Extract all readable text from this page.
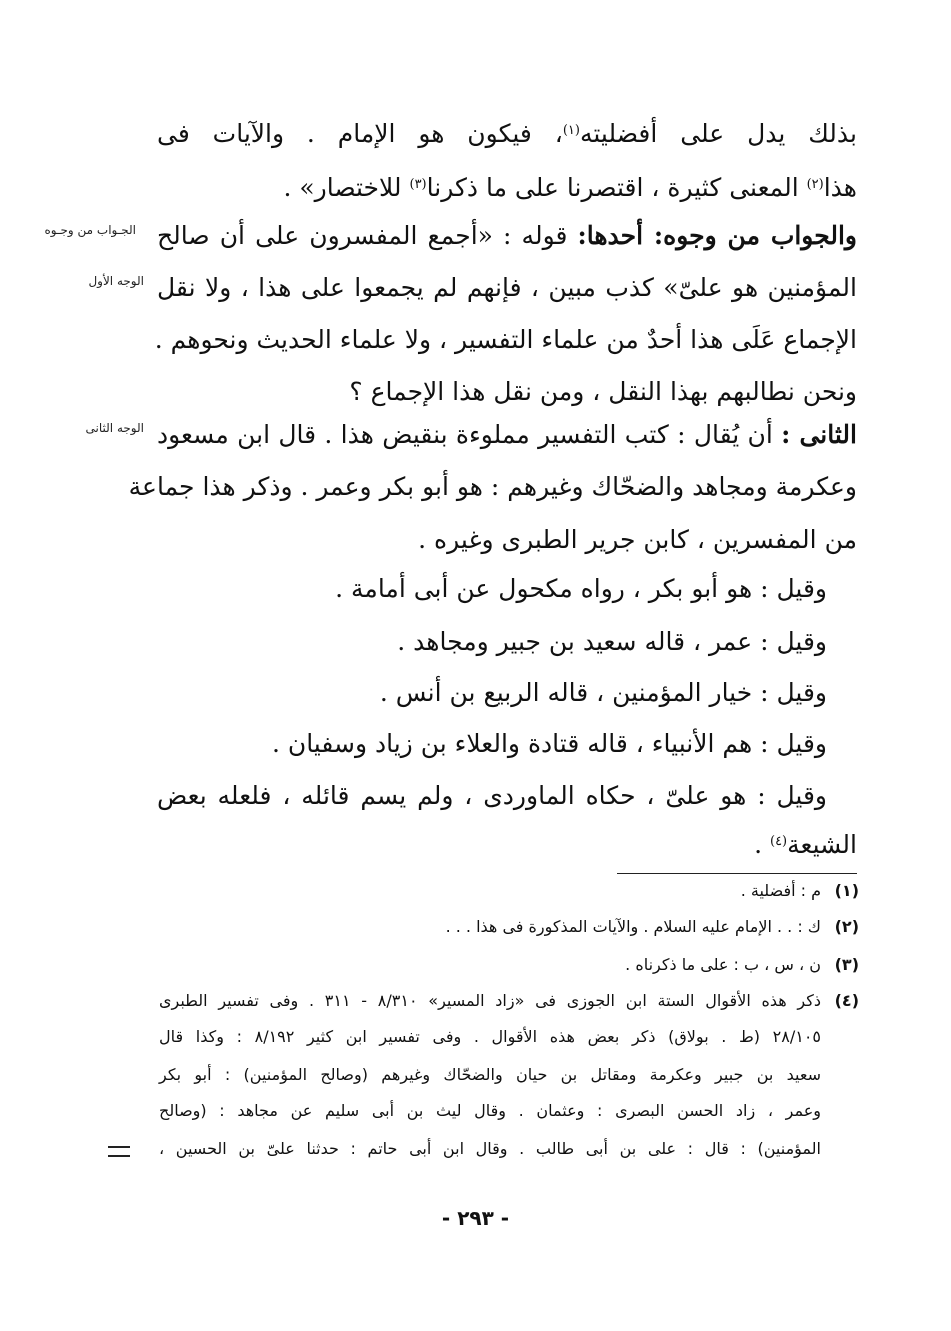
بذلك يدل على أفضليته$^{(١)}$، فيكون هو الإمام . والآيات فى
هذا$^{(٢)}$ المعنى كثيرة ، اقتصرنا على ما ذكرنا$^{(٣)}$ للاختصار» .
والجواب من وجوه: أحدها: قوله : «أجمع المفسرون على أن صالح
المؤمنين هو علىّ» كذب مبين ، فإنهم لم يجمعوا على هذا ، ولا نقل
الإجماع عَلَى هذا أحدٌ من علماء التفسير ، ولا علماء الحديث ونحوهم .
ونحن نطالبهم بهذا النقل ، ومن نقل هذا الإجماع ؟
الثانى : أن يُقال : كتب التفسير مملوءة بنقيض هذا . قال ابن مسعود
وعكرمة ومجاهد والضحّاك وغيرهم : هو أبو بكر وعمر . وذكر هذا جماعة
من المفسرين ، كابن جرير الطبرى وغيره .
وقيل : هو أبو بكر ، رواه مكحول عن أبى أمامة .
وقيل : عمر ، قاله سعيد بن جبير ومجاهد .
وقيل : خيار المؤمنين ، قاله الربيع بن أنس .
وقيل : هم الأنبياء ، قاله قتادة والعلاء بن زياد وسفيان .
وقيل : هو علىّ ، حكاه الماوردى ، ولم يسم قائله ، فلعله بعض
الشيعة$^{(٤)}$ .
الجـواب من وجـوه
الوجه الأول
الوجه الثانى
(١)م : أفضلية .
(٢)ك : . . الإمام عليه السلام . والآيات المذكورة فى هذا . . .
(٣)ن ، س ، ب : على ما ذكرناه .
(٤)ذكر هذه الأقوال الستة ابن الجوزى فى «زاد المسير» ٨/٣١٠ - ٣١١ . وفى تفسير الطبرى
٢٨/١٠٥ (ط . بولاق) ذكر بعض هذه الأقوال . وفى تفسير ابن كثير ٨/١٩٢ : وكذا قال
سعيد بن جبير وعكرمة ومقاتل بن حيان والضحّاك وغيرهم (وصالح المؤمنين) : أبو بكر
وعمر ، زاد الحسن البصرى : وعثمان . وقال ليث بن أبى سليم عن مجاهد : (وصالح
المؤمنين) : قال : على بن أبى طالب . وقال ابن أبى حاتم : حدثنا علىّ بن الحسين ،
- ٢٩٣ -
